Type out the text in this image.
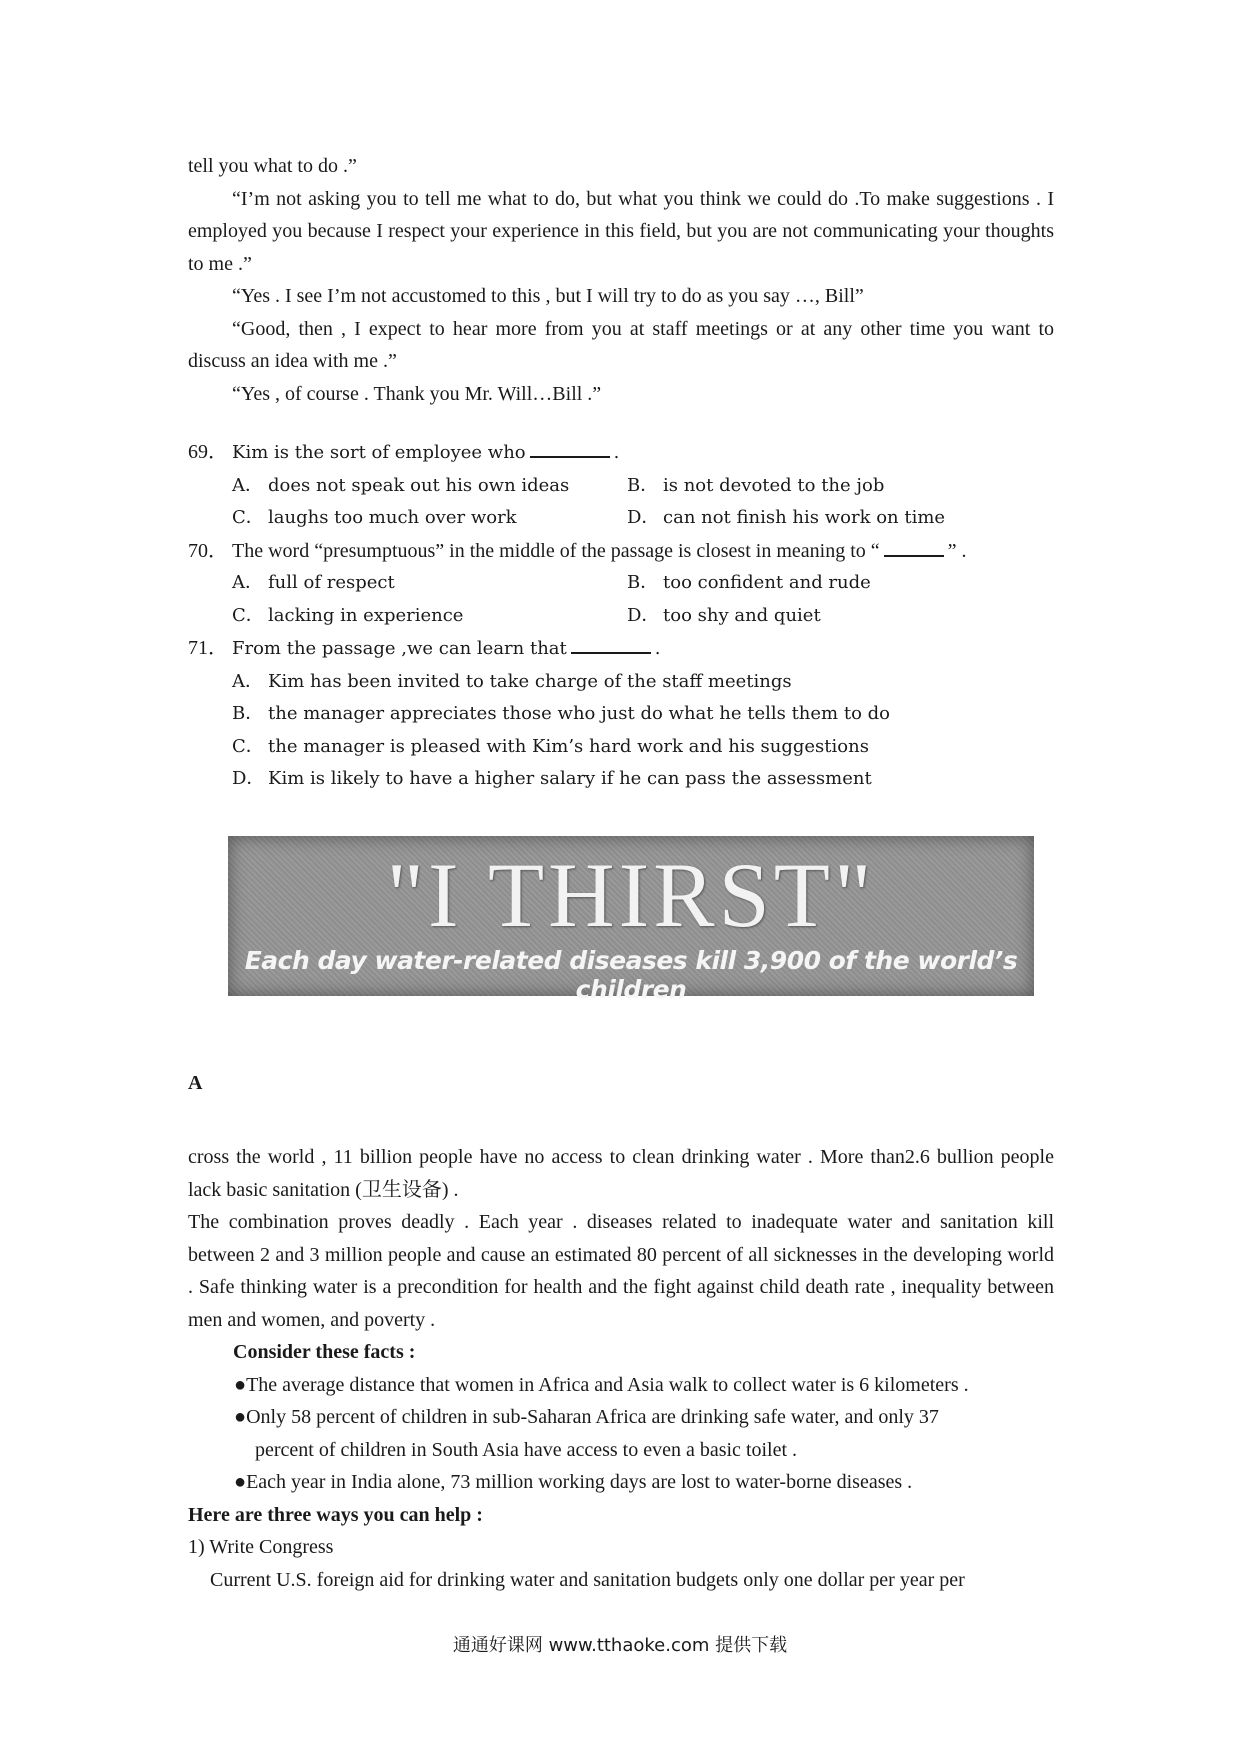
tell you what to do .”

“I’m not asking you to tell me what to do, but what you think we could do .To make suggestions . I employed you because I respect your experience in this field, but you are not communicating your thoughts to me .”

“Yes . I see I’m not accustomed to this , but I will try to do as you say …, Bill”

“Good, then , I expect to hear more from you at staff meetings or at any other time you want to discuss an idea with me .”

“Yes , of course . Thank you Mr. Will…Bill .”

69． Kim is the sort of employee who	.
A． does not speak out his own ideas	B． is not devoted to the job
C． laughs too much over work	D． can not finish his work on time
70． The word “presumptuous” in the middle of the passage is closest in meaning to “	” .
A． full of respect	B． too confident and rude
C． lacking in experience	D． too shy and quiet
71． From the passage ,we can learn that	.
A． Kim has been invited to take charge of the staff meetings
B． the manager appreciates those who just do what he tells them to do
C． the manager is pleased with Kim’s hard work and his suggestions
D． Kim is likely to have a higher salary if he can pass the assessment
"I THIRST"
Each day water-related diseases kill 3,900 of the world’s children
A

cross the world , 11 billion people have no access to clean drinking water . More than2.6 bullion people lack basic sanitation (卫生设备) .

The combination proves deadly . Each year . diseases related to inadequate water and sanitation kill between 2 and 3 million people and cause an estimated 80 percent of all sicknesses in the developing world . Safe thinking water is a precondition for health and the fight against child death rate , inequality between men and women, and poverty .

Consider these facts :

●The average distance that women in Africa and Asia walk to collect water is 6 kilometers .
●Only 58 percent of children in sub-Saharan Africa are drinking safe water, and only 37
percent of children in South Asia have access to even a basic toilet .
●Each year in India alone, 73 million working days are lost to water-borne diseases .

Here are three ways you can help :

1) Write Congress

Current U.S. foreign aid for drinking water and sanitation budgets only one dollar per year per

通通好课网 www.tthaoke.com 提供下载
